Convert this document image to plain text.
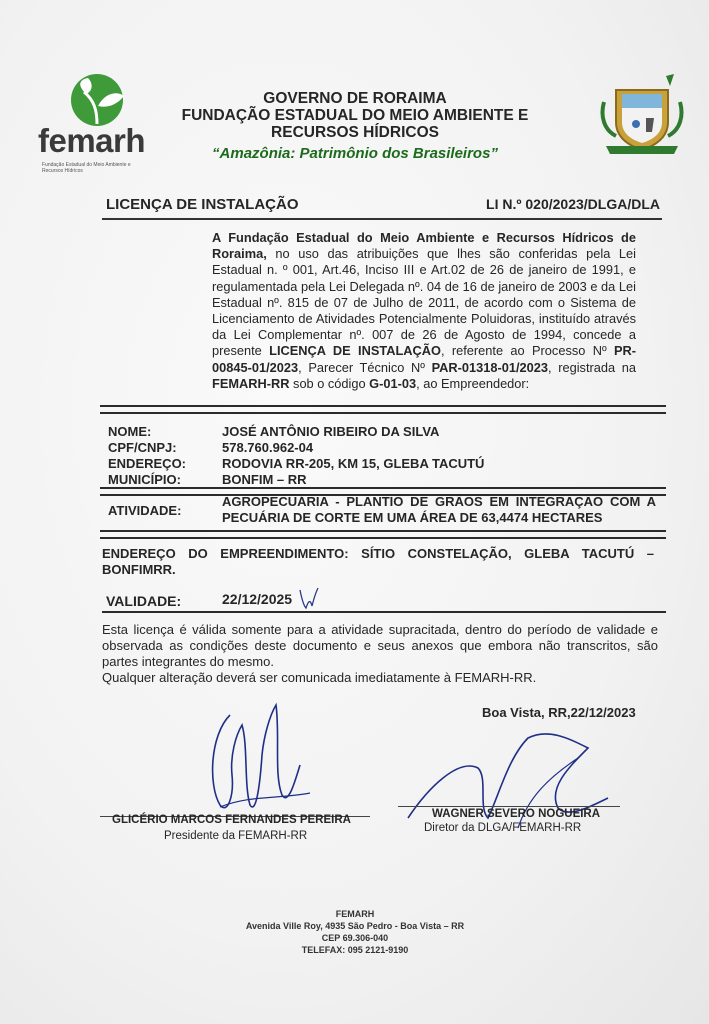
femarh
Fundação Estadual do Meio Ambiente e Recursos Hídricos
GOVERNO DE RORAIMA
FUNDAÇÃO ESTADUAL DO MEIO AMBIENTE E
RECURSOS HÍDRICOS
“Amazônia: Patrimônio dos Brasileiros”
LICENÇA DE INSTALAÇÃO	LI N.º 020/2023/DLGA/DLA
A Fundação Estadual do Meio Ambiente e Recursos Hídricos de Roraima, no uso das atribuições que lhes são conferidas pela Lei Estadual n. º 001, Art.46, Inciso III e Art.02 de 26 de janeiro de 1991, e regulamentada pela Lei Delegada nº. 04 de 16 de janeiro de 2003 e da Lei Estadual nº. 815 de 07 de Julho de 2011, de acordo com o Sistema de Licenciamento de Atividades Potencialmente Poluidoras, instituído através da Lei Complementar nº. 007 de 26 de Agosto de 1994, concede a presente LICENÇA DE INSTALAÇÃO, referente ao Processo Nº PR-00845-01/2023, Parecer Técnico Nº PAR-01318-01/2023, registrada na FEMARH-RR sob o código G-01-03, ao Empreendedor:
NOME:	JOSÉ ANTÔNIO RIBEIRO DA SILVA
CPF/CNPJ:	578.760.962-04
ENDEREÇO:	RODOVIA RR-205, KM 15, GLEBA TACUTÚ
MUNICÍPIO:	BONFIM – RR
ATIVIDADE:
AGROPECUÁRIA - PLANTIO DE GRÃOS EM INTEGRAÇÃO COM A PECUÁRIA DE CORTE EM UMA ÁREA DE 63,4474 HECTARES
ENDEREÇO DO EMPREENDIMENTO: SÍTIO CONSTELAÇÃO, GLEBA TACUTÚ – BONFIMRR.
VALIDADE:	22/12/2025
Esta licença é válida somente para a atividade supracitada, dentro do período de validade e observada as condições deste documento e seus anexos que embora não transcritos, são partes integrantes do mesmo.
Qualquer alteração deverá ser comunicada imediatamente à FEMARH-RR.
Boa Vista, RR,22/12/2023
GLICÉRIO MARCOS FERNANDES PEREIRA
Presidente da FEMARH-RR
WAGNER SEVERO NOGUEIRA
Diretor da DLGA/FEMARH-RR
FEMARH
Avenida Ville Roy, 4935 São Pedro - Boa Vista – RR
CEP 69.306-040
TELEFAX: 095 2121-9190
